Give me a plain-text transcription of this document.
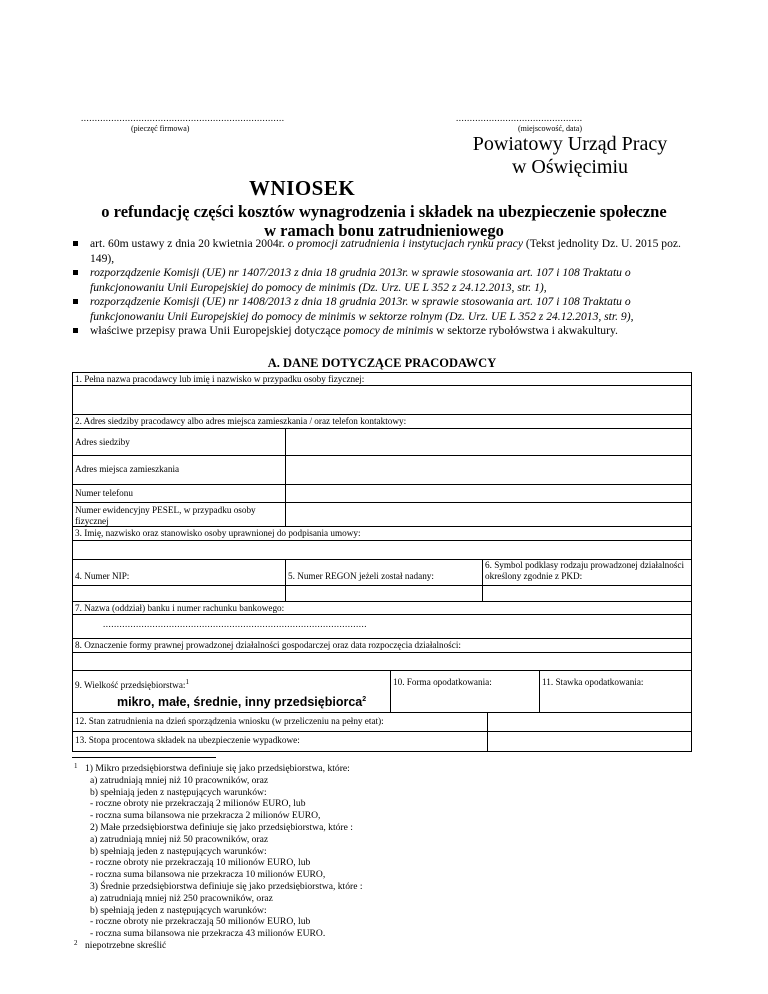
..........................................................................
(pieczęć firmowa)
..............................................
(miejscowość, data)
Powiatowy Urząd Pracy
w Oświęcimiu
WNIOSEK
o refundację części kosztów wynagrodzenia i składek na ubezpieczenie społeczne
w ramach bonu zatrudnieniowego
art. 60m ustawy z dnia 20 kwietnia 2004r. o promocji zatrudnienia i instytucjach rynku pracy (Tekst jednolity Dz. U. 2015 poz. 149),
rozporządzenie Komisji (UE) nr 1407/2013 z dnia 18 grudnia 2013r. w sprawie stosowania art. 107 i 108 Traktatu o funkcjonowaniu Unii Europejskiej do pomocy de minimis (Dz. Urz. UE L 352 z 24.12.2013, str. 1),
rozporządzenie Komisji (UE) nr 1408/2013 z dnia 18 grudnia 2013r. w sprawie stosowania art. 107 i 108 Traktatu o funkcjonowaniu Unii Europejskiej do pomocy de minimis w sektorze rolnym (Dz. Urz. UE L 352 z 24.12.2013, str. 9),
właściwe przepisy prawa Unii Europejskiej dotyczące pomocy de minimis w sektorze rybołówstwa i akwakultury.
A. DANE DOTYCZĄCE PRACODAWCY
1. Pełna nazwa pracodawcy lub imię i nazwisko w przypadku osoby fizycznej:
2. Adres siedziby pracodawcy albo adres miejsca zamieszkania / oraz telefon kontaktowy:
Adres siedziby
Adres miejsca zamieszkania
Numer telefonu
Numer ewidencyjny PESEL, w przypadku osoby fizycznej
3. Imię, nazwisko oraz stanowisko osoby uprawnionej do podpisania umowy:
4. Numer NIP:	5. Numer REGON jeżeli został nadany:
6. Symbol podklasy rodzaju prowadzonej działalności określony zgodnie z PKD:
7. Nazwa (oddział) banku i numer rachunku bankowego:
................................................................................................
8. Oznaczenie formy prawnej prowadzonej działalności gospodarczej oraz data rozpoczęcia działalności:
9. Wielkość przedsiębiorstwa:$^1$
mikro, małe, średnie, inny przedsiębiorca$^2$
10. Forma opodatkowania:	11. Stawka opodatkowania:
12. Stan zatrudnienia na dzień sporządzenia wniosku (w przeliczeniu na pełny etat):
13. Stopa procentowa składek na ubezpieczenie wypadkowe:
1 1) Mikro przedsiębiorstwa definiuje się jako przedsiębiorstwa, które:
a) zatrudniają mniej niż 10 pracowników, oraz
b) spełniają jeden z następujących warunków:
- roczne obroty nie przekraczają 2 milionów EURO, lub
- roczna suma bilansowa nie przekracza 2 milionów EURO,
2) Małe przedsiębiorstwa definiuje się jako przedsiębiorstwa, które :
a) zatrudniają mniej niż 50 pracowników, oraz
b) spełniają jeden z następujących warunków:
- roczne obroty nie przekraczają 10 milionów EURO, lub
- roczna suma bilansowa nie przekracza 10 milionów EURO,
3) Średnie przedsiębiorstwa definiuje się jako przedsiębiorstwa, które :
a) zatrudniają mniej niż 250 pracowników, oraz
b) spełniają jeden z następujących warunków:
- roczne obroty nie przekraczają 50 milionów EURO, lub
- roczna suma bilansowa nie przekracza 43 milionów EURO.
2 niepotrzebne skreślić
